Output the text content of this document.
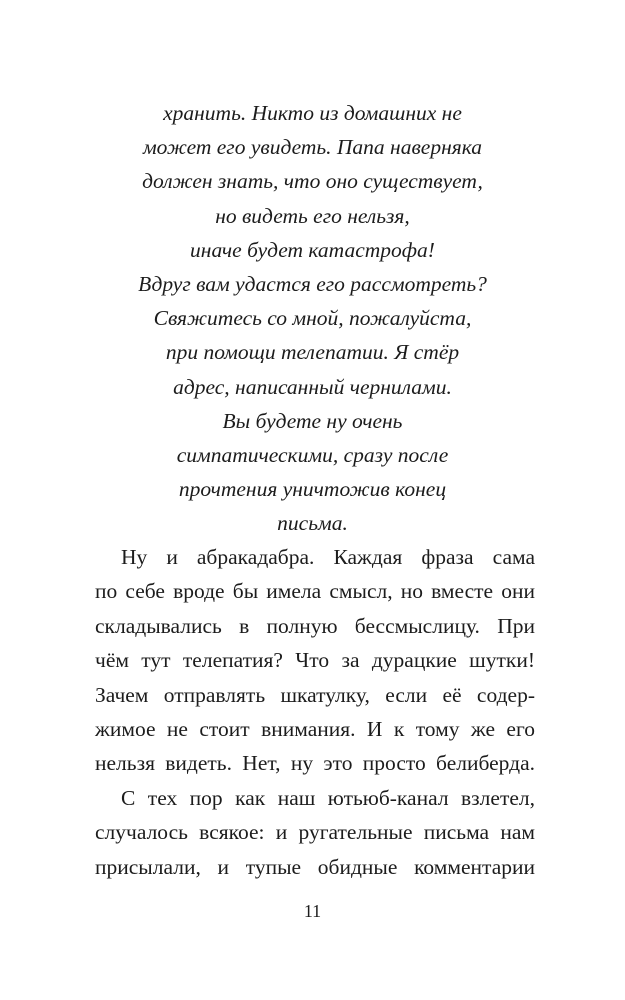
хранить. Никто из домашних не
может его увидеть. Папа наверняка
должен знать, что оно существует,
но видеть его нельзя,
иначе будет катастрофа!
Вдруг вам удастся его рассмотреть?
Свяжитесь со мной, пожалуйста,
при помощи телепатии. Я стёр
адрес, написанный чернилами.
Вы будете ну очень
симпатическими, сразу после
прочтения уничтожив конец
письма.
Ну и абракадабра. Каждая фраза сама
по себе вроде бы имела смысл, но вместе они
складывались в полную бессмыслицу. При
чём тут телепатия? Что за дурацкие шутки!
Зачем отправлять шкатулку, если её содер-
жимое не стоит внимания. И к тому же его
нельзя видеть. Нет, ну это просто белиберда.
С тех пор как наш ютьюб-канал взлетел,
случалось всякое: и ругательные письма нам
присылали, и тупые обидные комментарии
11
